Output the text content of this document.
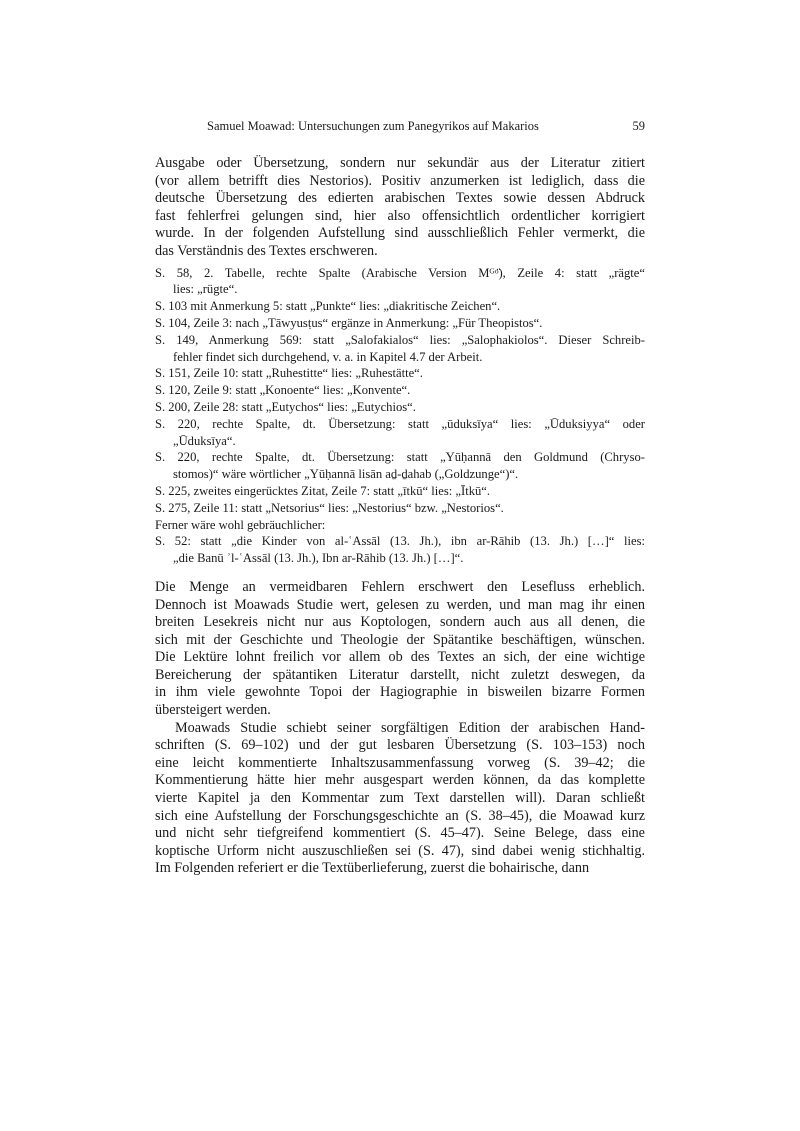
Samuel Moawad: Untersuchungen zum Panegyrikos auf Makarios	59
Ausgabe oder Übersetzung, sondern nur sekundär aus der Literatur zitiert
(vor allem betrifft dies Nestorios). Positiv anzumerken ist lediglich, dass die
deutsche Übersetzung des edierten arabischen Textes sowie dessen Abdruck
fast fehlerfrei gelungen sind, hier also offensichtlich ordentlicher korrigiert
wurde. In der folgenden Aufstellung sind ausschließlich Fehler vermerkt, die
das Verständnis des Textes erschweren.
S. 58, 2. Tabelle, rechte Spalte (Arabische Version Mᴳᵒ̈), Zeile 4: statt „rägte“
lies: „rügte“.
S. 103 mit Anmerkung 5: statt „Punkte“ lies: „diakritische Zeichen“.
S. 104, Zeile 3: nach „Tāwyusṭus“ ergänze in Anmerkung: „Für Theopistos“.
S. 149, Anmerkung 569: statt „Salofakialos“ lies: „Salophakiolos“. Dieser Schreib-
fehler findet sich durchgehend, v. a. in Kapitel 4.7 der Arbeit.
S. 151, Zeile 10: statt „Ruhestitte“ lies: „Ruhestätte“.
S. 120, Zeile 9: statt „Konoente“ lies: „Konvente“.
S. 200, Zeile 28: statt „Eutychos“ lies: „Eutychios“.
S. 220, rechte Spalte, dt. Übersetzung: statt „ūduksīya“ lies: „Ūduksiyya“ oder
„Ūduksīya“.
S. 220, rechte Spalte, dt. Übersetzung: statt „Yūḥannā den Goldmund (Chryso-
stomos)“ wäre wörtlicher „Yūḥannā lisān aḏ-ḏahab („Goldzunge“)“.
S. 225, zweites eingerücktes Zitat, Zeile 7: statt „ītkū“ lies: „Ītkū“.
S. 275, Zeile 11: statt „Netsorius“ lies: „Nestorius“ bzw. „Nestorios“.
Ferner wäre wohl gebräuchlicher:
S. 52: statt „die Kinder von al-ʿAssāl (13. Jh.), ibn ar-Rāhib (13. Jh.) […]“ lies:
„die Banū ʾl-ʿAssāl (13. Jh.), Ibn ar-Rāhib (13. Jh.) […]“.
Die Menge an vermeidbaren Fehlern erschwert den Lesefluss erheblich.
Dennoch ist Moawads Studie wert, gelesen zu werden, und man mag ihr einen
breiten Lesekreis nicht nur aus Koptologen, sondern auch aus all denen, die
sich mit der Geschichte und Theologie der Spätantike beschäftigen, wünschen.
Die Lektüre lohnt freilich vor allem ob des Textes an sich, der eine wichtige
Bereicherung der spätantiken Literatur darstellt, nicht zuletzt deswegen, da
in ihm viele gewohnte Topoi der Hagiographie in bisweilen bizarre Formen
übersteigert werden.
Moawads Studie schiebt seiner sorgfältigen Edition der arabischen Hand-
schriften (S. 69–102) und der gut lesbaren Übersetzung (S. 103–153) noch
eine leicht kommentierte Inhaltszusammenfassung vorweg (S. 39–42; die
Kommentierung hätte hier mehr ausgespart werden können, da das komplette
vierte Kapitel ja den Kommentar zum Text darstellen will). Daran schließt
sich eine Aufstellung der Forschungsgeschichte an (S. 38–45), die Moawad kurz
und nicht sehr tiefgreifend kommentiert (S. 45–47). Seine Belege, dass eine
koptische Urform nicht auszuschließen sei (S. 47), sind dabei wenig stichhaltig.
Im Folgenden referiert er die Textüberlieferung, zuerst die bohairische, dann
